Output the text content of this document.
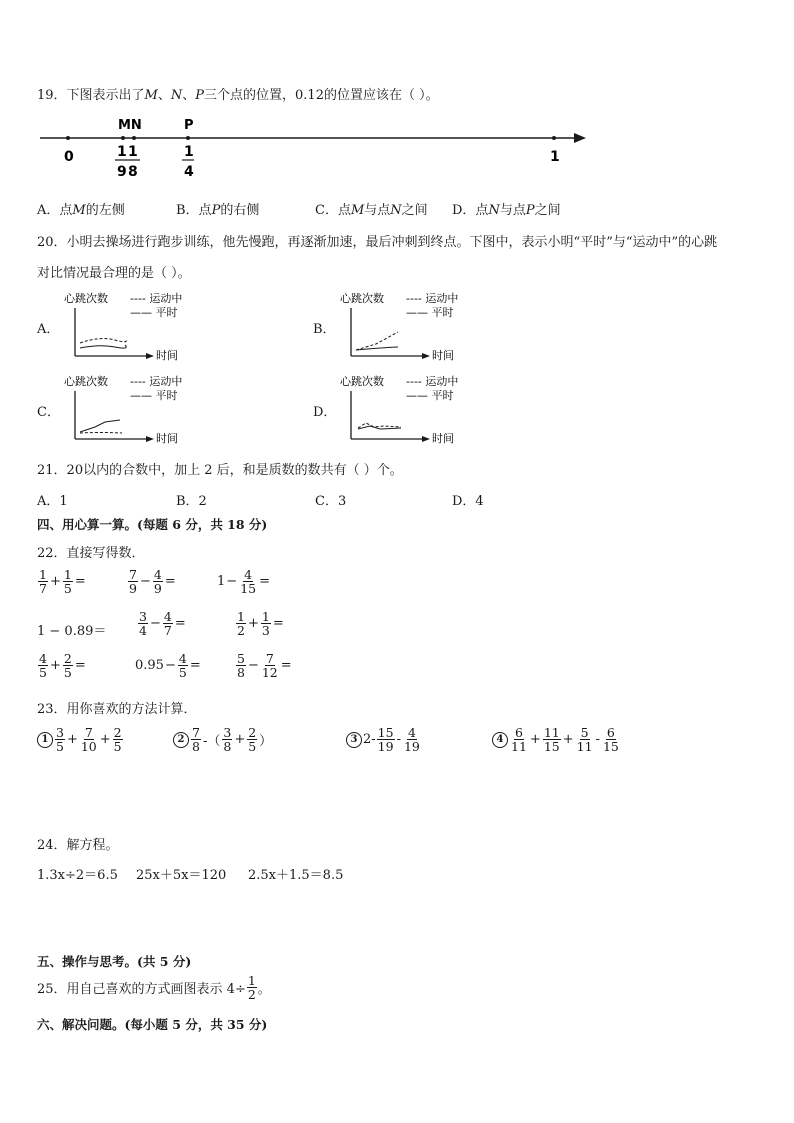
19．下图表示出了M、N、P三个点的位置，0.12的位置应该在（ ）。
MN	P
0	1
1 1
9 8
1
4
A．点M的左侧	B．点P的右侧	C．点M与点N之间 D．点N与点P之间
20．小明去操场进行跑步训练，他先慢跑，再逐渐加速，最后冲刺到终点。下图中，表示小明“平时”与“运动中”的心跳
对比情况最合理的是（ ）。
A．
心跳次数 ---- 运动中
—— 平时
时间
B．
心跳次数 ---- 运动中
—— 平时
时间
C．
心跳次数 ---- 运动中
—— 平时
时间
D．
心跳次数 ---- 运动中
—— 平时
时间
21．20以内的合数中，加上 2 后，和是质数的数共有（ ）个。
A．1	B．2	C．3	D．4
四、用心算一算。(每题 6 分，共 18 分)
22．直接写得数．
$\frac{1}{7} + \frac{1}{5}$ =	$\frac{7}{9} - \frac{4}{9}$ =	$1 - \frac{4}{15}$ =
1 − 0.89＝	$\frac{3}{4} - \frac{4}{7}$ =	$\frac{1}{2} + \frac{1}{3}$ =
$\frac{4}{5} + \frac{2}{5}$ =	$0.95 - \frac{4}{5}$ =	$\frac{5}{8} - \frac{7}{12}$ =
23．用你喜欢的方法计算．
$1 \frac{3}{5} + \frac{7}{10} + \frac{2}{5}$	$2 \frac{7}{8}$ -（ $\frac{3}{8} + \frac{2}{5}$ ）	3 $2- \frac{15}{19} - \frac{4}{19}$	$4 \frac{6}{11} + \frac{11}{15} + \frac{5}{11} - \frac{6}{15}$
24．解方程。
1.3x÷2＝6.5 25x＋5x＝120 2.5x＋1.5＝8.5
五、操作与思考。(共 5 分)
25．用自己喜欢的方式画图表示 $4\div \frac{1}{2}$ 。
六、解决问题。(每小题 5 分，共 35 分)
